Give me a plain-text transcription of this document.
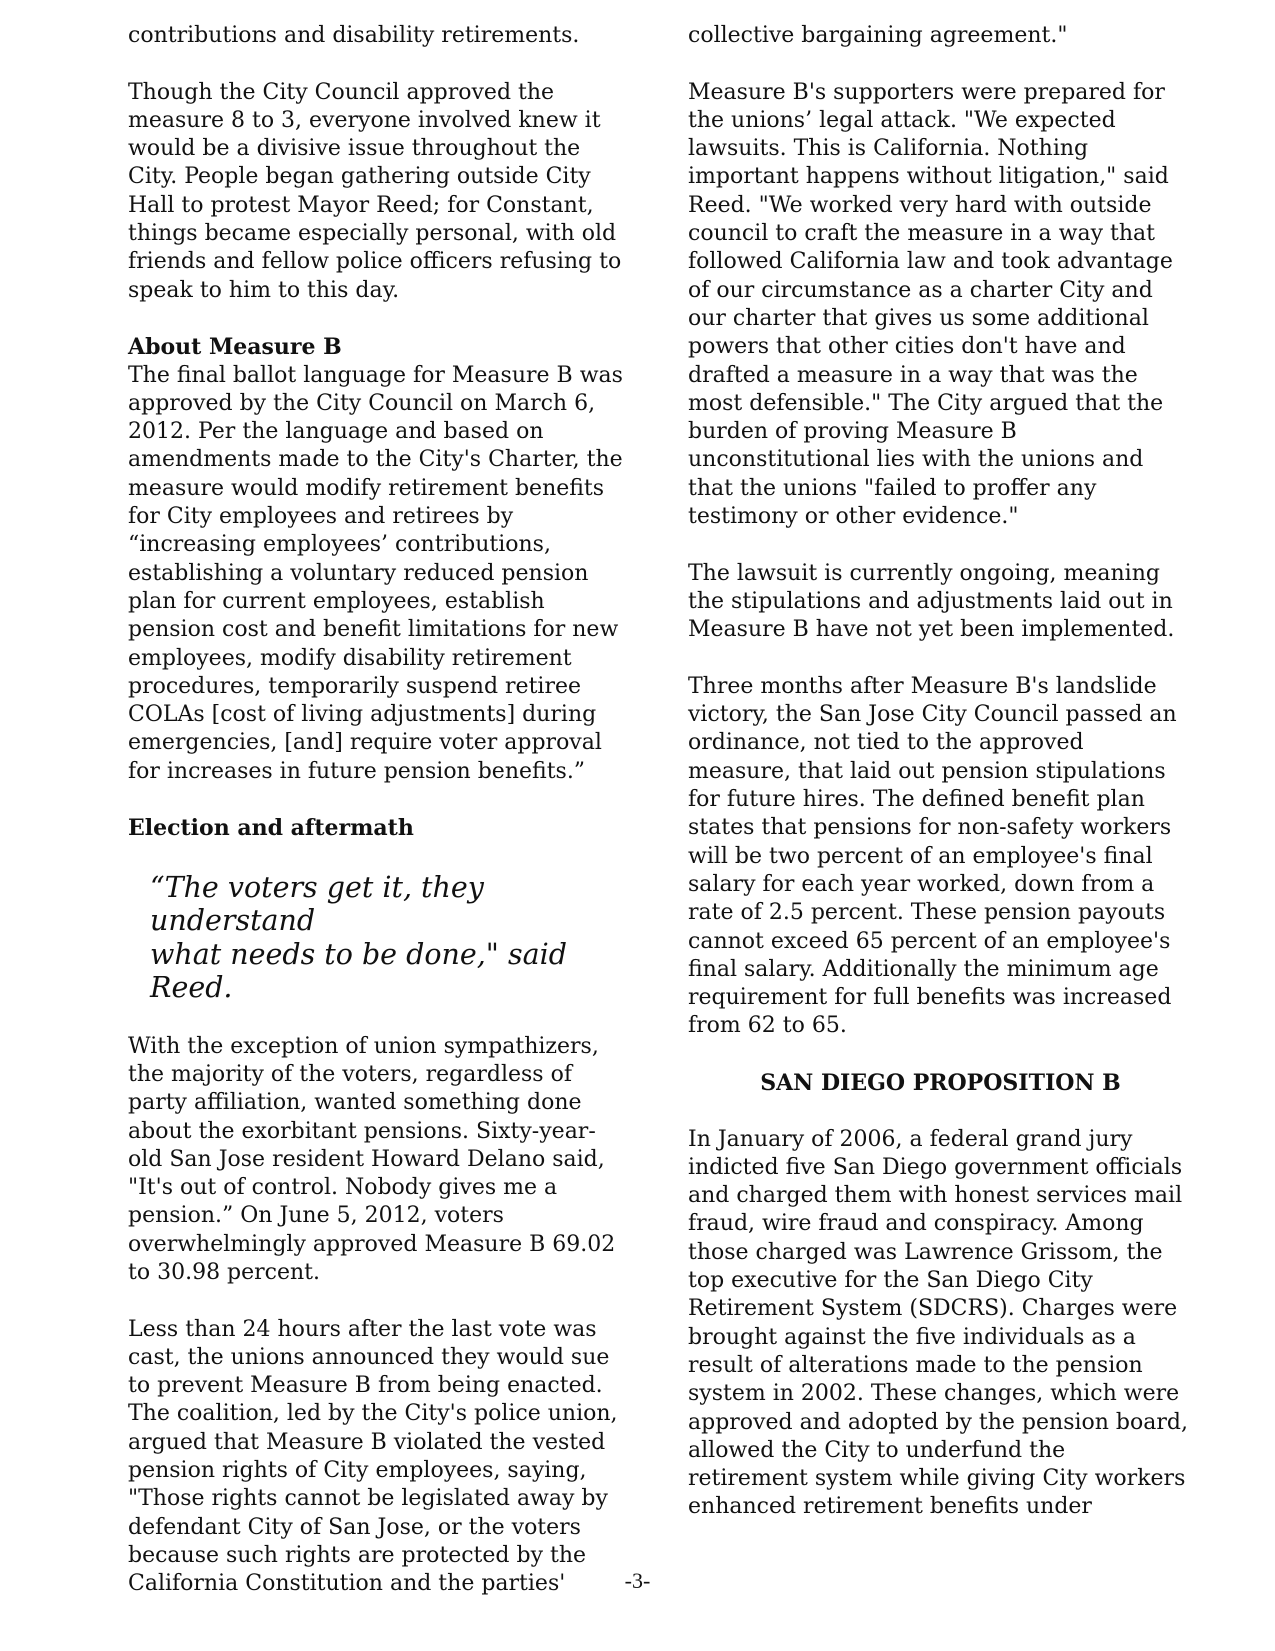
contributions and disability retirements.

Though the City Council approved the
measure 8 to 3, everyone involved knew it
would be a divisive issue throughout the
City. People began gathering outside City
Hall to protest Mayor Reed; for Constant,
things became especially personal, with old
friends and fellow police officers refusing to
speak to him to this day.

About Measure B

The final ballot language for Measure B was
approved by the City Council on March 6,
2012. Per the language and based on
amendments made to the City's Charter, the
measure would modify retirement benefits
for City employees and retirees by
“increasing employees’ contributions,
establishing a voluntary reduced pension
plan for current employees, establish
pension cost and benefit limitations for new
employees, modify disability retirement
procedures, temporarily suspend retiree
COLAs [cost of living adjustments] during
emergencies, [and] require voter approval
for increases in future pension benefits.”

Election and aftermath
“The voters get it, they understand
what needs to be done," said Reed.

With the exception of union sympathizers,
the majority of the voters, regardless of
party affiliation, wanted something done
about the exorbitant pensions. Sixty-year-
old San Jose resident Howard Delano said,
"It's out of control. Nobody gives me a
pension.” On June 5, 2012, voters
overwhelmingly approved Measure B 69.02
to 30.98 percent.

Less than 24 hours after the last vote was
cast, the unions announced they would sue
to prevent Measure B from being enacted.
The coalition, led by the City's police union,
argued that Measure B violated the vested
pension rights of City employees, saying,
"Those rights cannot be legislated away by
defendant City of San Jose, or the voters
because such rights are protected by the
California Constitution and the parties'

collective bargaining agreement."

Measure B's supporters were prepared for
the unions’ legal attack. "We expected
lawsuits. This is California. Nothing
important happens without litigation," said
Reed. "We worked very hard with outside
council to craft the measure in a way that
followed California law and took advantage
of our circumstance as a charter City and
our charter that gives us some additional
powers that other cities don't have and
drafted a measure in a way that was the
most defensible." The City argued that the
burden of proving Measure B
unconstitutional lies with the unions and
that the unions "failed to proffer any
testimony or other evidence."

The lawsuit is currently ongoing, meaning
the stipulations and adjustments laid out in
Measure B have not yet been implemented.

Three months after Measure B's landslide
victory, the San Jose City Council passed an
ordinance, not tied to the approved
measure, that laid out pension stipulations
for future hires. The defined benefit plan
states that pensions for non-safety workers
will be two percent of an employee's final
salary for each year worked, down from a
rate of 2.5 percent. These pension payouts
cannot exceed 65 percent of an employee's
final salary. Additionally the minimum age
requirement for full benefits was increased
from 62 to 65.

SAN DIEGO PROPOSITION B

In January of 2006, a federal grand jury
indicted five San Diego government officials
and charged them with honest services mail
fraud, wire fraud and conspiracy. Among
those charged was Lawrence Grissom, the
top executive for the San Diego City
Retirement System (SDCRS). Charges were
brought against the five individuals as a
result of alterations made to the pension
system in 2002. These changes, which were
approved and adopted by the pension board,
allowed the City to underfund the
retirement system while giving City workers
enhanced retirement benefits under

-3-
